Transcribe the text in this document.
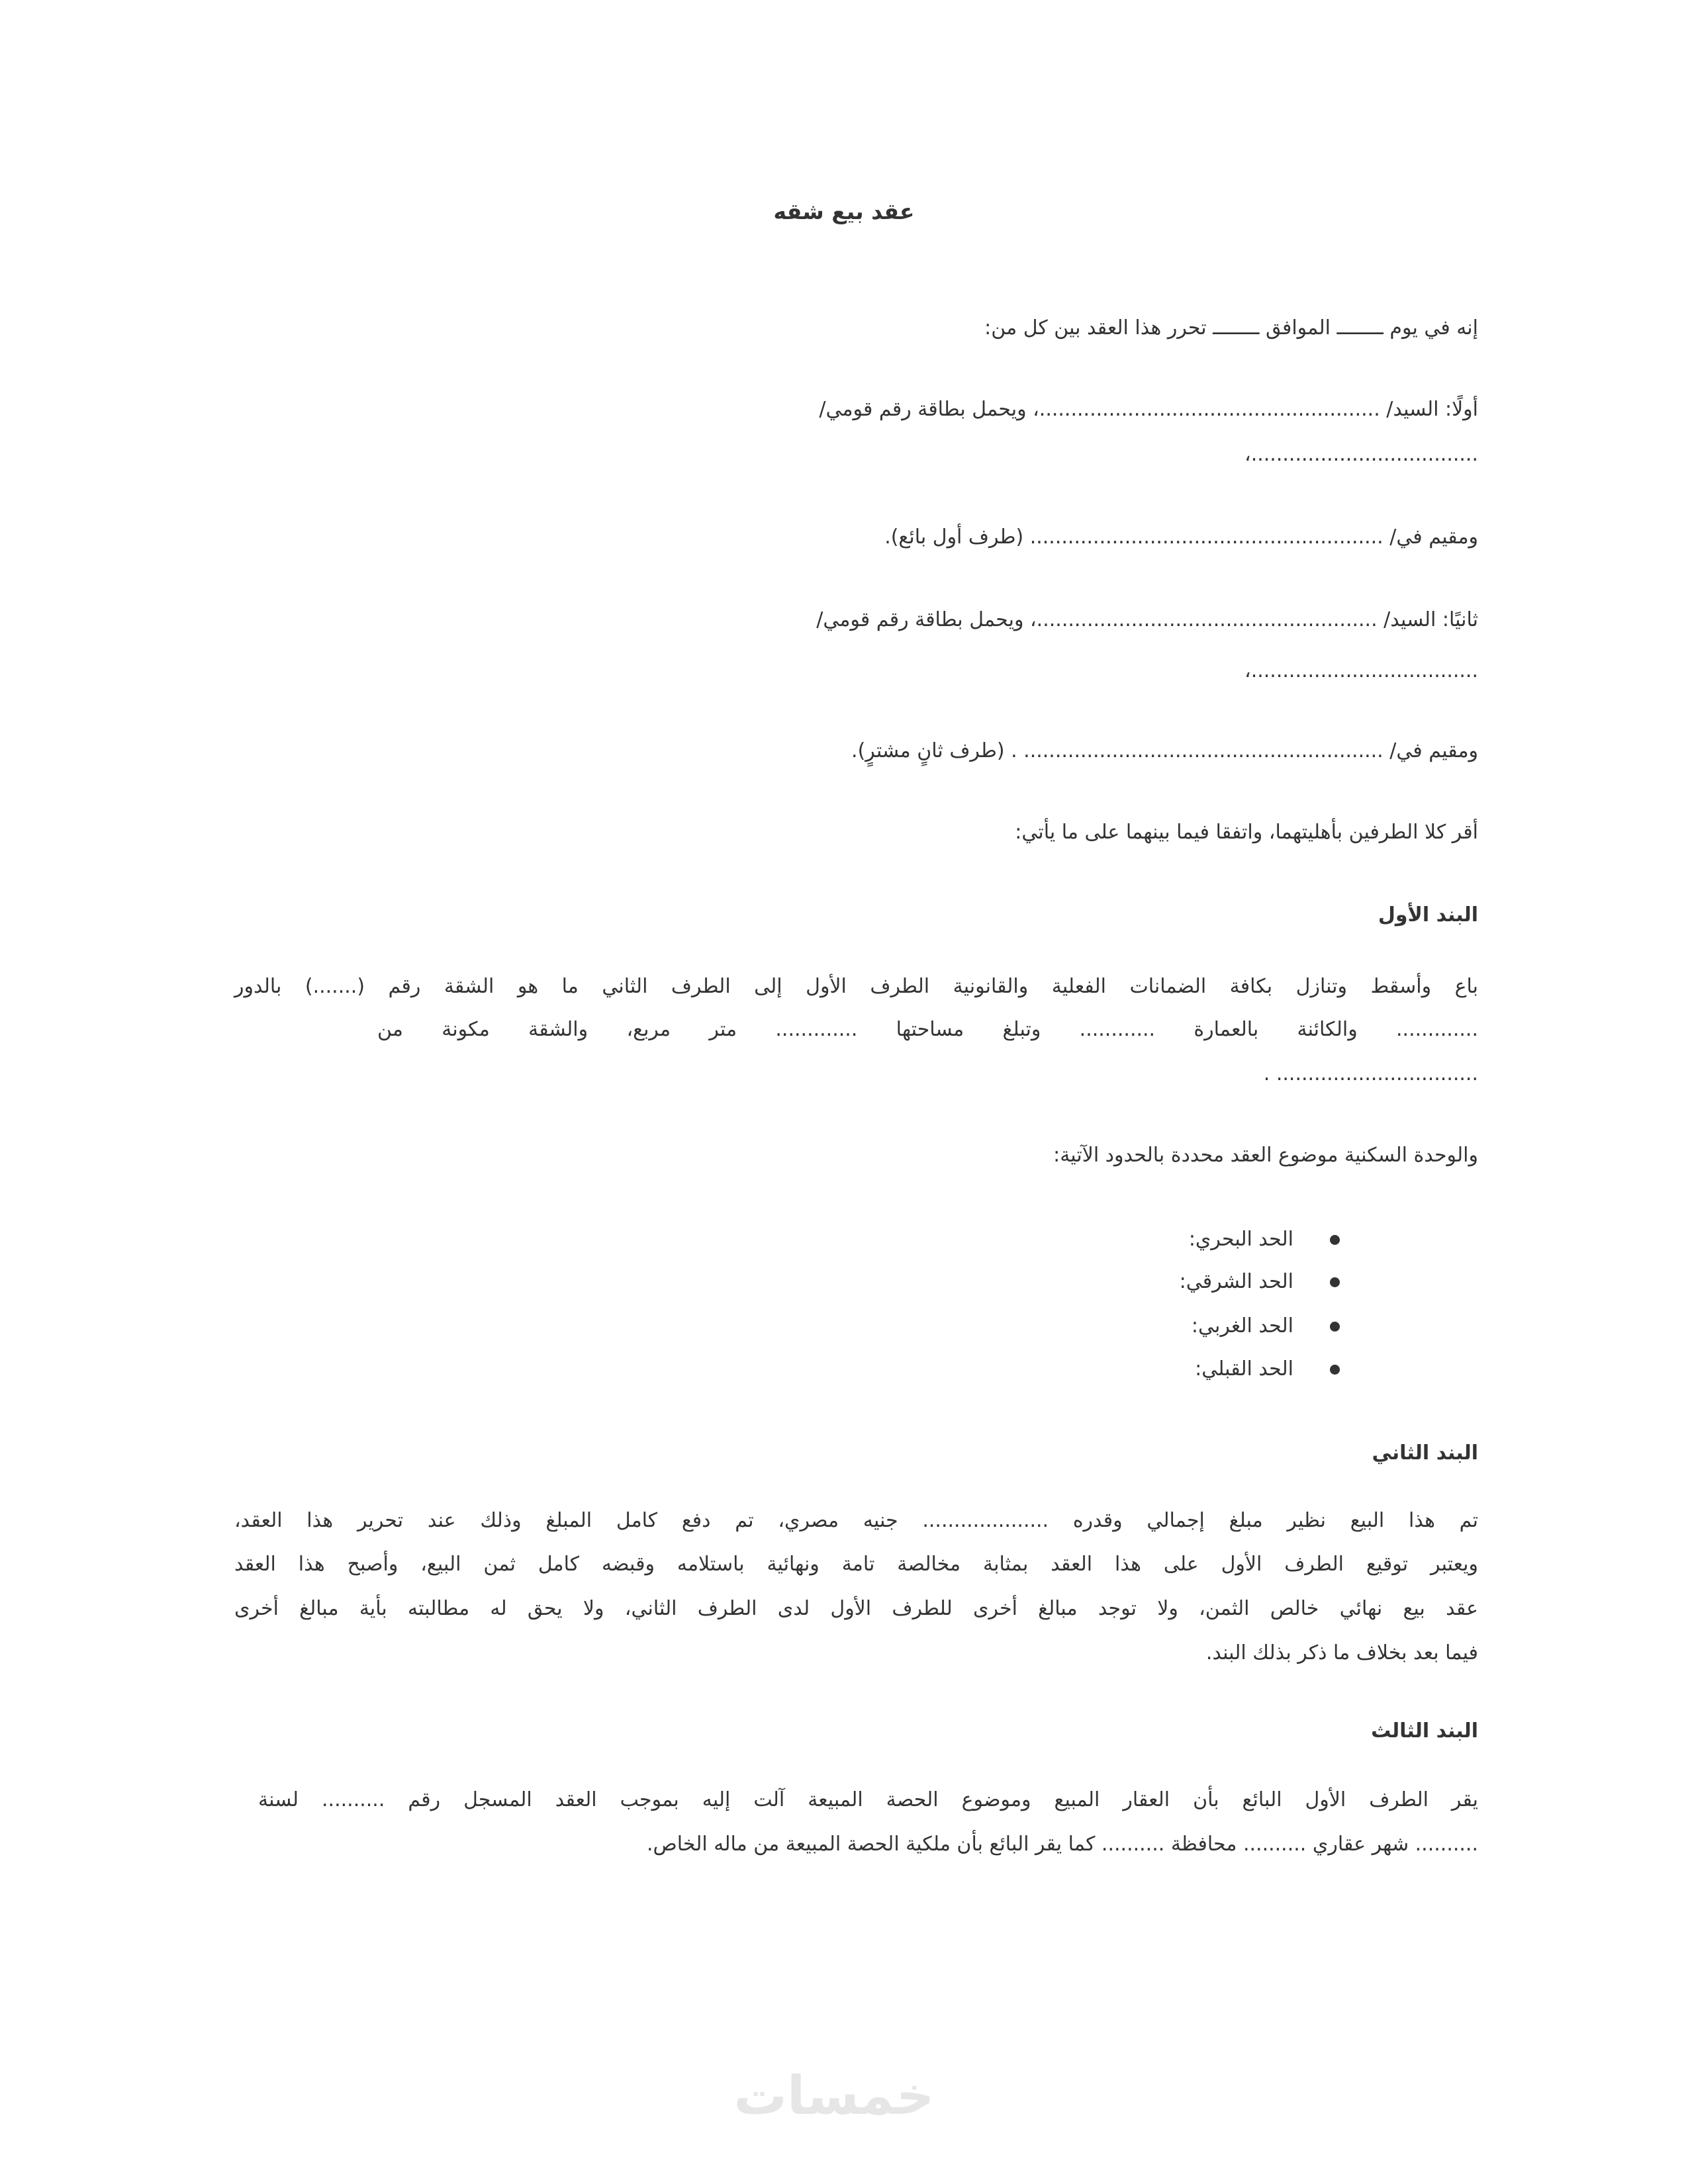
عقد بيع شقه
إنه في يوم ــــــــ الموافق ــــــــ تحرر هذا العقد بين كل من:
أولًا: السيد/ ......................................................، ويحمل بطاقة رقم قومي/
....................................،
ومقيم في/ ........................................................ (طرف أول بائع).
ثانيًا: السيد/ ......................................................، ويحمل بطاقة رقم قومي/
....................................،
ومقيم في/ ......................................................... . (طرف ثانٍ مشترٍ).
أقر كلا الطرفين بأهليتهما، واتفقا فيما بينهما على ما يأتي:
البند الأول
باع وأسقط وتنازل بكافة الضمانات الفعلية والقانونية الطرف الأول إلى الطرف الثاني ما هو الشقة رقم (.......) بالدور
............. والكائنة بالعمارة ............ وتبلغ مساحتها ............. متر مربع، والشقة مكونة من
................................ .
والوحدة السكنية موضوع العقد محددة بالحدود الآتية:
الحد البحري:
الحد الشرقي:
الحد الغربي:
الحد القبلي:
البند الثاني
تم هذا البيع نظير مبلغ إجمالي وقدره .................... جنيه مصري، تم دفع كامل المبلغ وذلك عند تحرير هذا العقد،
ويعتبر توقيع الطرف الأول على هذا العقد بمثابة مخالصة تامة ونهائية باستلامه وقبضه كامل ثمن البيع، وأصبح هذا العقد
عقد بيع نهائي خالص الثمن، ولا توجد مبالغ أخرى للطرف الأول لدى الطرف الثاني، ولا يحق له مطالبته بأية مبالغ أخرى
فيما بعد بخلاف ما ذكر بذلك البند.
البند الثالث
يقر الطرف الأول البائع بأن العقار المبيع وموضوع الحصة المبيعة آلت إليه بموجب العقد المسجل رقم .......... لسنة
.......... شهر عقاري .......... محافظة .......... كما يقر البائع بأن ملكية الحصة المبيعة من ماله الخاص.
خمسات
